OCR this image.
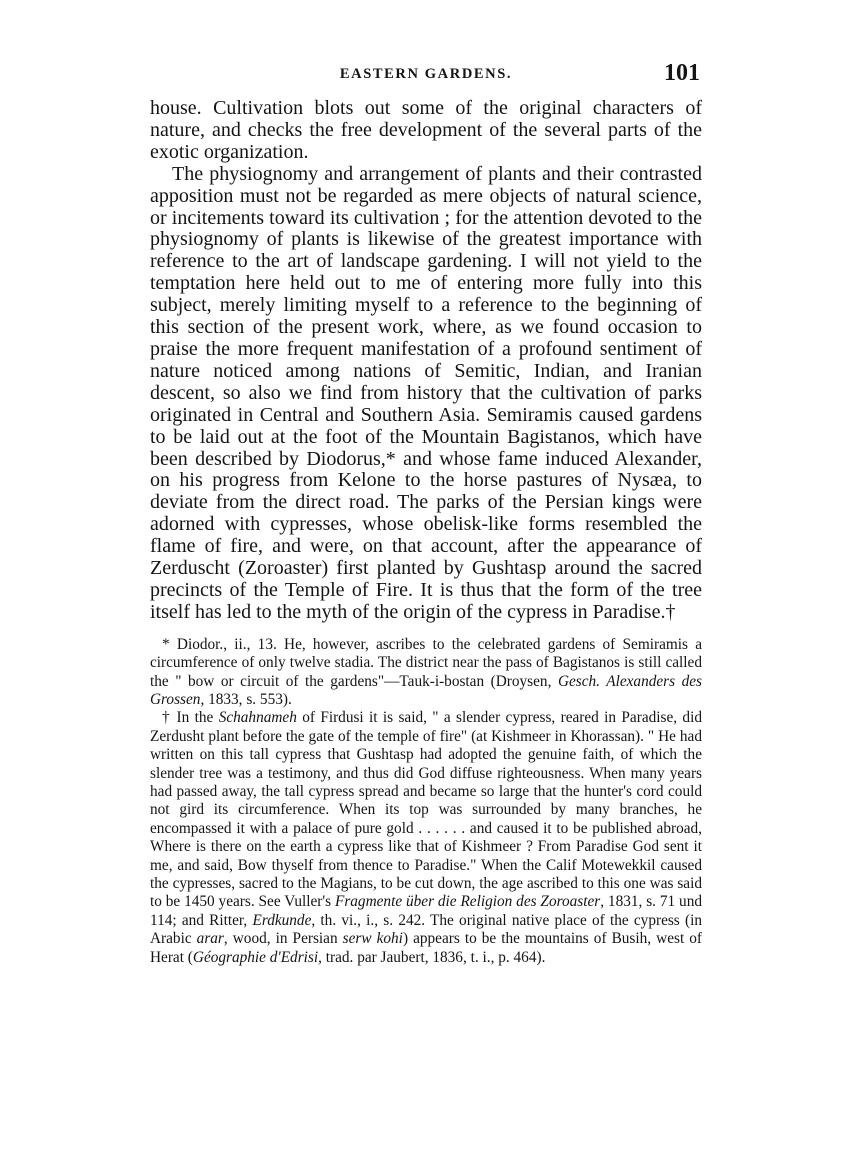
EASTERN GARDENS.	101

house. Cultivation blots out some of the original characters of nature, and checks the free development of the several parts of the exotic organization.

The physiognomy and arrangement of plants and their contrasted apposition must not be regarded as mere objects of natural science, or incitements toward its cultivation ; for the attention devoted to the physiognomy of plants is likewise of the greatest importance with reference to the art of landscape gardening. I will not yield to the temptation here held out to me of entering more fully into this subject, merely limiting myself to a reference to the beginning of this section of the present work, where, as we found occasion to praise the more frequent manifestation of a profound sentiment of nature noticed among nations of Semitic, Indian, and Iranian descent, so also we find from history that the cultivation of parks originated in Central and Southern Asia. Semiramis caused gardens to be laid out at the foot of the Mountain Bagistanos, which have been described by Diodorus,* and whose fame induced Alexander, on his progress from Kelone to the horse pastures of Nysæa, to deviate from the direct road. The parks of the Persian kings were adorned with cypresses, whose obelisk-like forms resembled the flame of fire, and were, on that account, after the appearance of Zerduscht (Zoroaster) first planted by Gushtasp around the sacred precincts of the Temple of Fire. It is thus that the form of the tree itself has led to the myth of the origin of the cypress in Paradise.†

* Diodor., ii., 13. He, however, ascribes to the celebrated gardens of Semiramis a circumference of only twelve stadia. The district near the pass of Bagistanos is still called the " bow or circuit of the gardens"—Tauk-i-bostan (Droysen, Gesch. Alexanders des Grossen, 1833, s. 553).

† In the Schahnameh of Firdusi it is said, " a slender cypress, reared in Paradise, did Zerdusht plant before the gate of the temple of fire" (at Kishmeer in Khorassan). " He had written on this tall cypress that Gushtasp had adopted the genuine faith, of which the slender tree was a testimony, and thus did God diffuse righteousness. When many years had passed away, the tall cypress spread and became so large that the hunter's cord could not gird its circumference. When its top was surrounded by many branches, he encompassed it with a palace of pure gold . . . . . . and caused it to be published abroad, Where is there on the earth a cypress like that of Kishmeer ? From Paradise God sent it me, and said, Bow thyself from thence to Paradise." When the Calif Motewekkil caused the cypresses, sacred to the Magians, to be cut down, the age ascribed to this one was said to be 1450 years. See Vuller's Fragmente über die Religion des Zoroaster, 1831, s. 71 und 114; and Ritter, Erdkunde, th. vi., i., s. 242. The original native place of the cypress (in Arabic arar, wood, in Persian serw kohi) appears to be the mountains of Busih, west of Herat (Géographie d'Edrisi, trad. par Jaubert, 1836, t. i., p. 464).
